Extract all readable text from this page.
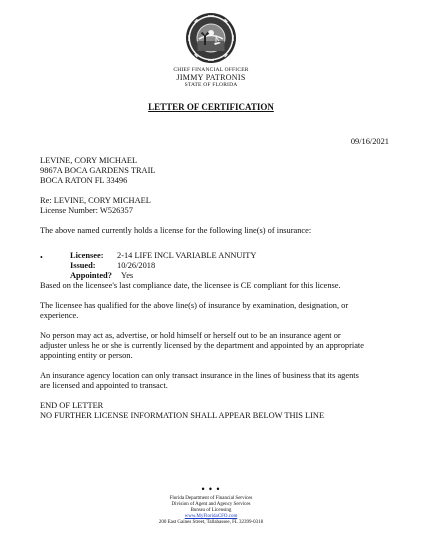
CHIEF FINANCIAL OFFICER
JIMMY PATRONIS
STATE OF FLORIDA
LETTER OF CERTIFICATION
09/16/2021
LEVINE, CORY MICHAEL
9867A BOCA GARDENS TRAIL
BOCA RATON FL 33496
Re: LEVINE, CORY MICHAEL
License Number: W526357
The above named currently holds a license for the following line(s) of insurance:
•	Licensee: 2-14 LIFE INCL VARIABLE ANNUITY
Issued:	10/26/2018
Appointed? Yes
Based on the licensee's last compliance date, the licensee is CE compliant for this license.
The licensee has qualified for the above line(s) of insurance by examination, designation, or
experience.
No person may act as, advertise, or hold himself or herself out to be an insurance agent or
adjuster unless he or she is currently licensed by the department and appointed by an appropriate
appointing entity or person.
An insurance agency location can only transact insurance in the lines of business that its agents
are licensed and appointed to transact.
END OF LETTER
NO FURTHER LICENSE INFORMATION SHALL APPEAR BELOW THIS LINE
• • •
Florida Department of Financial Services
Division of Agent and Agency Services
Bureau of Licensing
www.MyFloridaCFO.com
200 East Gaines Street, Tallahassee, FL 32399-0318
